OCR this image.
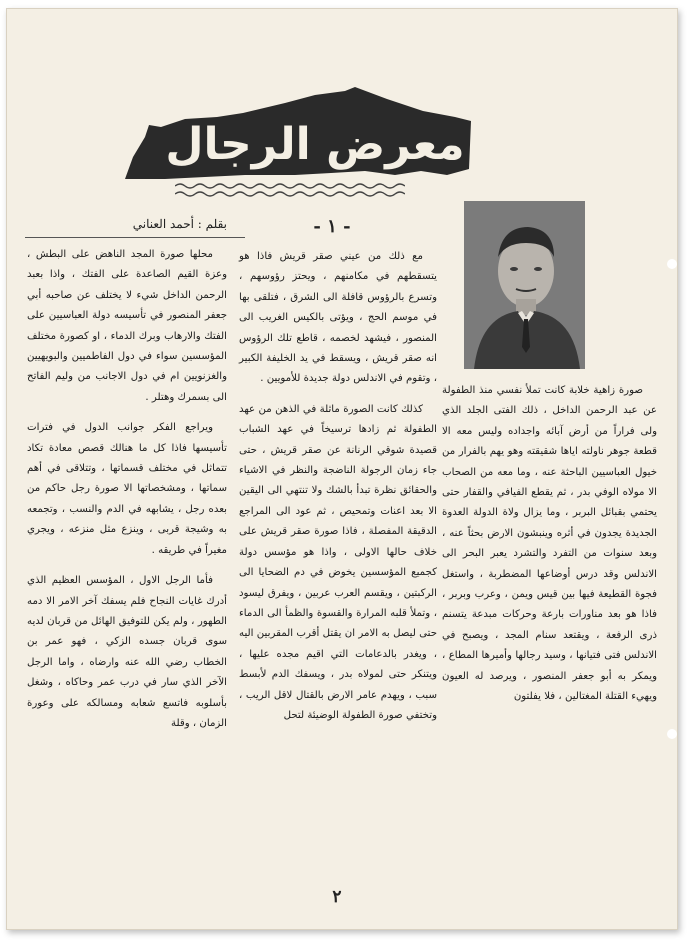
معرض الرجال
بقلم : أحمد العناني	- ١ -

محلها صورة المجد الناهض على البطش ، وعزة القيم الصاعدة على الفتك ، واذا بعبد الرحمن الداخل شيء لا يختلف عن صاحبه أبي جعفر المنصور في تأسيسه دولة العباسيين على الفتك والارهاب وبرك الدماء ، او كصورة مختلف المؤسسين سواء في دول الفاطميين والبويهيين والغزنويين ام في دول الاجانب من وليم الفاتح الى بسمرك وهتلر .

ويراجع الفكر جوانب الدول في فترات تأسيسها فاذا كل ما هنالك قصص معادة تكاد تتماثل في مختلف قسماتها ، وتتلاقى في أهم سماتها ، ومشخصاتها الا صورة رجل حاكم من بعده رجل ، يشابهه في الدم والنسب ، وتجمعه به وشيجة قربى ، وينزع مثل منزعه ، ويجري مغيراً في طريقه .

فأما الرجل الاول ، المؤسس العظيم الذي أدرك غايات النجاح فلم يسفك آخر الامر الا دمه الطهور ، ولم يكن للتوفيق الهائل من قربان لديه سوى قربان جسده الزكي ، فهو عمر بن الخطاب رضي الله عنه وارضاه ، واما الرجل الآخر الذي سار في درب عمر وحاكاه ، وشغل بأسلوبه فاتسع شعابه ومسالكه على وعورة الزمان ، وقلة

مع ذلك من عيني صقر قريش فاذا هو يتسقطهم في مكامنهم ، ويحتز رؤوسهم ، وتسرع بالرؤوس قافلة الى الشرق ، فتلقى بها في موسم الحج ، ويؤتى بالكيس الغريب الى المنصور ، فيشهد لخصمه ، قاطع تلك الرؤوس انه صقر قريش ، ويسقط في يد الخليفة الكبير ، وتقوم في الاندلس دولة جديدة للأمويين .

كذلك كانت الصورة ماثلة في الذهن من عهد الطفولة ثم زادها ترسيخاً في عهد الشباب قصيدة شوقي الرنانة عن صقر قريش ، حتى جاء زمان الرجولة الناضجة والنظر في الاشياء والحقائق نظرة تبدأ بالشك ولا تنتهي الى اليقين الا بعد اعنات وتمحيص ، ثم عود الى المراجع الدقيقة المفصلة ، فاذا صورة صقر قريش على خلاف حالها الاولى ، واذا هو مؤسس دولة كجميع المؤسسين يخوض في دم الضحايا الى الركبتين ، ويقسم العرب عربين ، ويفرق ليسود ، وتملأ قلبه المرارة والقسوة والظمأ الى الدماء حتى ليصل به الامر ان يقتل أقرب المقربين اليه ، ويغدر بالدعامات التي اقيم مجده عليها ، ويتنكر حتى لمولاه بدر ، ويسفك الدم لأبسط سبب ، ويهدم عامر الارض بالقتال لاقل الريب ، وتختفي صورة الطفولة الوضيئة لتحل

صورة زاهية خلابة كانت تملأ نفسي منذ الطفولة عن عبد الرحمن الداخل ، ذلك الفتى الجلد الذي ولى فراراً من أرض آبائه واجداده وليس معه الا قطعة جوهر ناولته اياها شقيقته وهو يهم بالفرار من خيول العباسيين الباحثة عنه ، وما معه من الصحاب الا مولاه الوفي بدر ، ثم يقطع الفيافي والقفار حتى يحتمي بقبائل البربر ، وما يزال ولاة الدولة العدوة الجديدة يجدون في أثره وينبشون الارض بحثاً عنه ، وبعد سنوات من التفرد والتشرد يعبر البحر الى الاندلس وقد درس أوضاعها المضطربة ، واستغل فجوة القطيعة فيها بين قيس ويمن ، وعرب وبربر ، فاذا هو بعد مناورات بارعة وحركات مبدعة يتسنم ذرى الرفعة ، ويقتعد سنام المجد ، ويصبح في الاندلس فتى فتيانها ، وسيد رجالها وأميرها المطاع ، ويمكر به أبو جعفر المنصور ، ويرصد له العيون ويهيء القتلة المغتالين ، فلا يفلتون

٢
